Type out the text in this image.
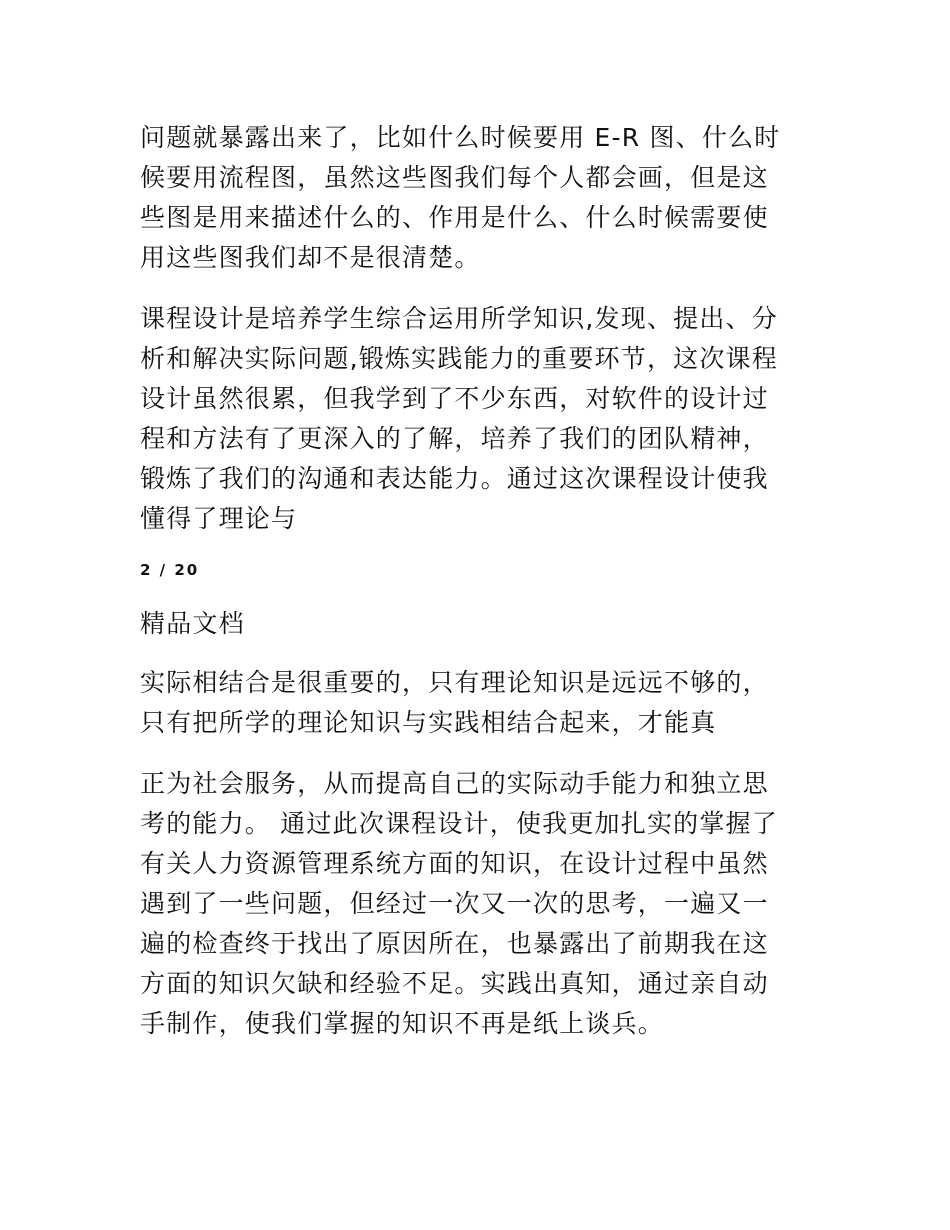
问题就暴露出来了，比如什么时候要用 E-R 图、什么时
候要用流程图，虽然这些图我们每个人都会画，但是这
些图是用来描述什么的、作用是什么、什么时候需要使
用这些图我们却不是很清楚。
课程设计是培养学生综合运用所学知识,发现、提出、分
析和解决实际问题,锻炼实践能力的重要环节，这次课程
设计虽然很累，但我学到了不少东西，对软件的设计过
程和方法有了更深入的了解，培养了我们的团队精神，
锻炼了我们的沟通和表达能力。通过这次课程设计使我
懂得了理论与
2 / 20
精品文档
实际相结合是很重要的，只有理论知识是远远不够的，
只有把所学的理论知识与实践相结合起来，才能真
正为社会服务，从而提高自己的实际动手能力和独立思
考的能力。 通过此次课程设计，使我更加扎实的掌握了
有关人力资源管理系统方面的知识，在设计过程中虽然
遇到了一些问题，但经过一次又一次的思考，一遍又一
遍的检查终于找出了原因所在，也暴露出了前期我在这
方面的知识欠缺和经验不足。实践出真知，通过亲自动
手制作，使我们掌握的知识不再是纸上谈兵。
